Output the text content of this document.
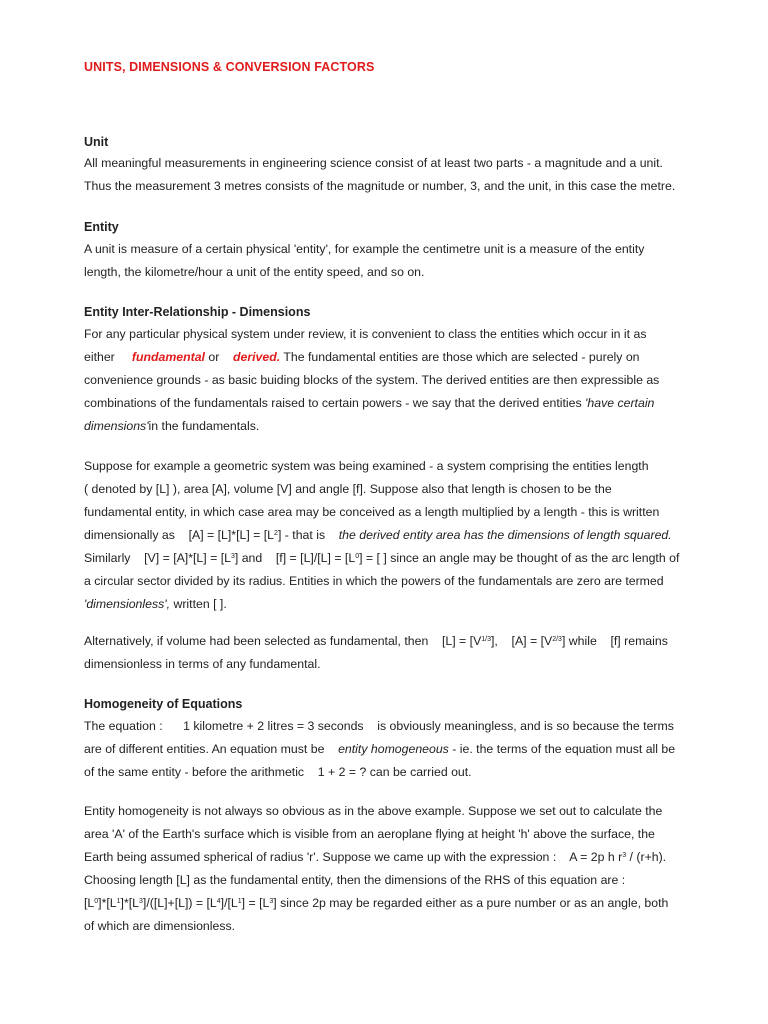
UNITS, DIMENSIONS & CONVERSION FACTORS
Unit
All meaningful measurements in engineering science consist of at least two parts - a magnitude and a unit.
Thus the measurement 3 metres consists of the magnitude or number, 3, and the unit, in this case the metre.
Entity
A unit is measure of a certain physical 'entity', for example the centimetre unit is a measure of the entity
length, the kilometre/hour a unit of the entity speed, and so on.
Entity Inter-Relationship - Dimensions
For any particular physical system under review, it is convenient to class the entities which occur in it as
either fundamental or derived. The fundamental entities are those which are selected - purely on
convenience grounds - as basic buiding blocks of the system. The derived entities are then expressible as
combinations of the fundamentals raised to certain powers - we say that the derived entities 'have certain
dimensions'in the fundamentals.
Suppose for example a geometric system was being examined - a system comprising the entities length
( denoted by [L] ), area [A], volume [V] and angle [f]. Suppose also that length is chosen to be the
fundamental entity, in which case area may be conceived as a length multiplied by a length - this is written
dimensionally as $[A] = [L]*[L] = [L^2]$ - that is the derived entity area has the dimensions of length squared.
Similarly $[V] = [A]*[L] = [L^3]$ and $[f] = [L]/[L] = [L^0]$ = [ ] since an angle may be thought of as the arc length of
a circular sector divided by its radius. Entities in which the powers of the fundamentals are zero are termed
'dimensionless', written [ ].
Alternatively, if volume had been selected as fundamental, then $[L] = [V^{1/3}]$, $[A] = [V^{2/3}]$ while [f] remains
dimensionless in terms of any fundamental.
Homogeneity of Equations
The equation : 1 kilometre + 2 litres = 3 seconds is obviously meaningless, and is so because the terms
are of different entities. An equation must be entity homogeneous - ie. the terms of the equation must all be
of the same entity - before the arithmetic 1 + 2 = ? can be carried out.
Entity homogeneity is not always so obvious as in the above example. Suppose we set out to calculate the
area 'A' of the Earth's surface which is visible from an aeroplane flying at height 'h' above the surface, the
Earth being assumed spherical of radius 'r'. Suppose we came up with the expression : A = 2p h $r^3 / (r+h)$.
Choosing length [L] as the fundamental entity, then the dimensions of the RHS of this equation are :
$[L^0]*[L^1]*[L^3]/([L]+[L]) = [L^4]/[L^1] = [L^3]$ since 2p may be regarded either as a pure number or as an angle, both
of which are dimensionless.
